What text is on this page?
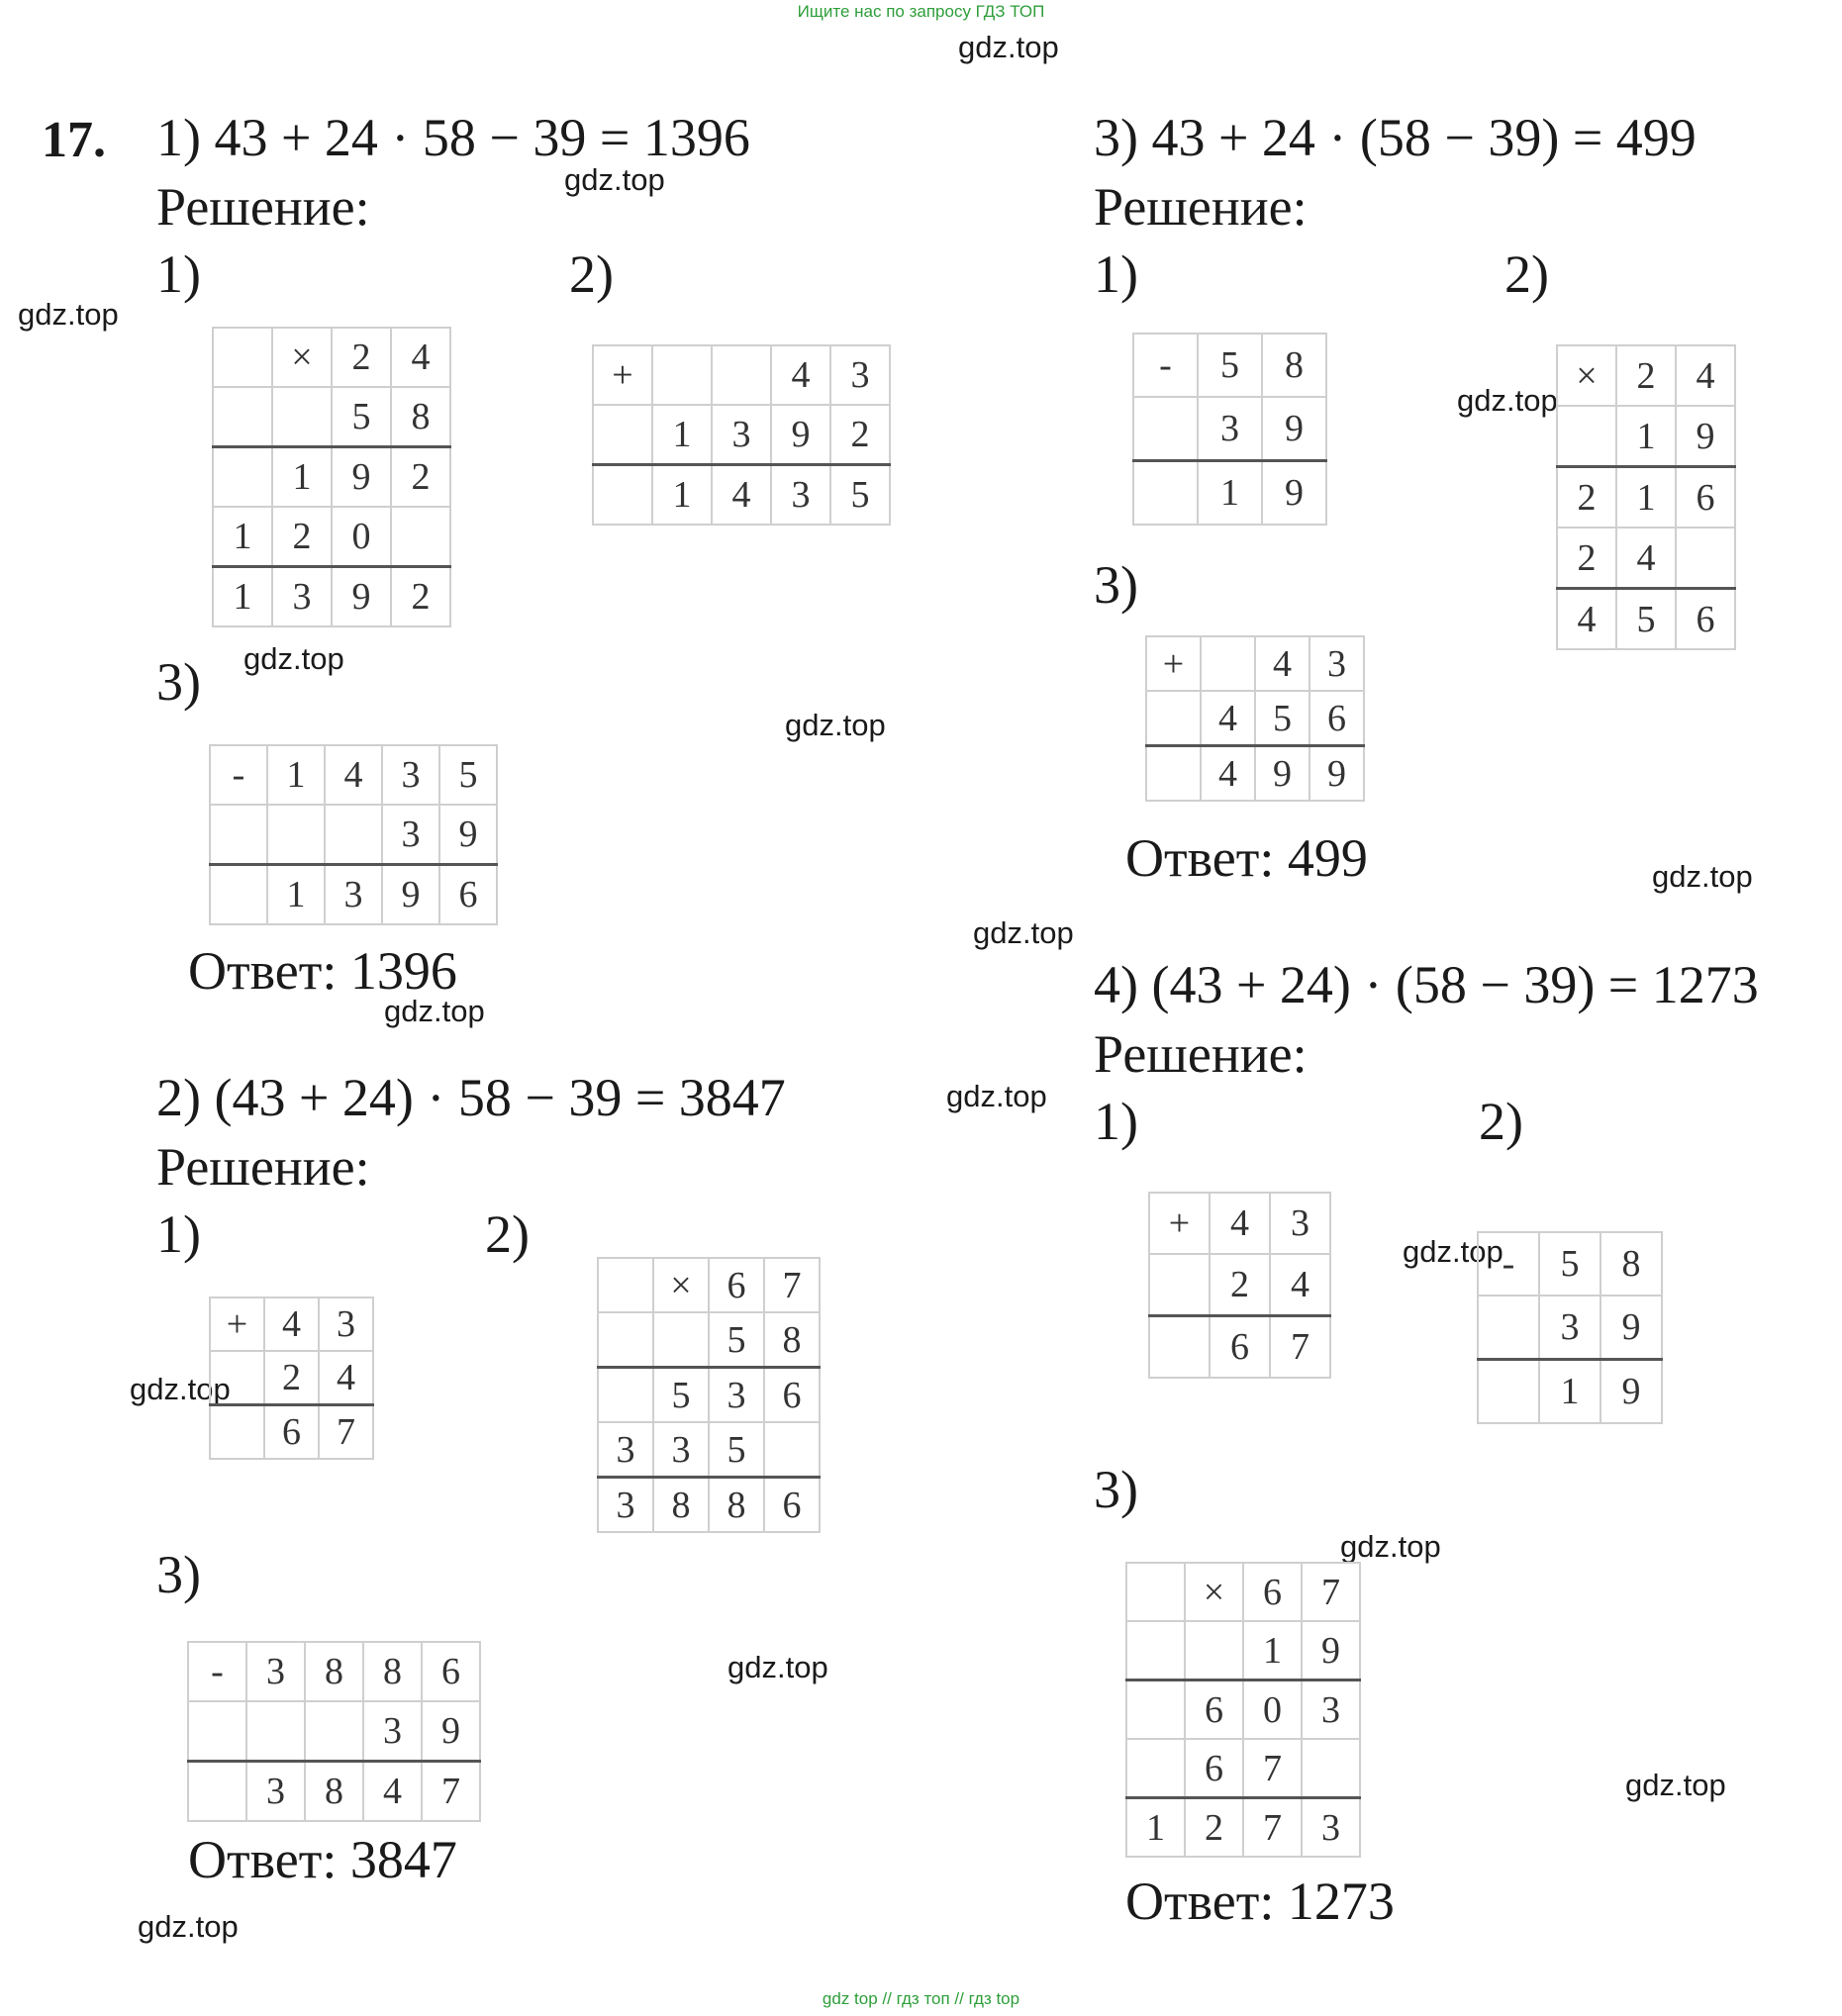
Ищите нас по запросу ГДЗ ТОП
gdz top // гдз топ // гдз top
gdz.top
gdz.top
gdz.top
gdz.top
gdz.top
gdz.top
gdz.top
gdz.top
gdz.top
gdz.top
gdz.top
gdz.top
gdz.top
gdz.top
gdz.top
gdz.top
17. 1) 43 + 24 · 58 − 39 = 1396
Решение:
1)	2)
3)
	×	2	4
		5	8
	1	9	2
1	2	0	
1	3	9	2
+			4	3
	1	3	9	2
	1	4	3	5
-	1	4	3	5
			3	9
	1	3	9	6
Ответ: 1396
2) (43 + 24) · 58 − 39 = 3847
Решение:
1)	2)
3)
+	4	3
	2	4
	6	7
	×	6	7
		5	8
	5	3	6
3	3	5	
3	8	8	6
-	3	8	8	6
			3	9
	3	8	4	7
Ответ: 3847
3) 43 + 24 · (58 − 39) = 499
Решение:
1)	2)
3)
-	5	8
	3	9
	1	9
×	2	4
	1	9
2	1	6
2	4	
4	5	6
+		4	3
	4	5	6
	4	9	9
Ответ: 499
4) (43 + 24) · (58 − 39) = 1273
Решение:
1)	2)
3)
+	4	3
	2	4
	6	7
-	5	8
	3	9
	1	9
	×	6	7
		1	9
	6	0	3
	6	7	
1	2	7	3
Ответ: 1273
